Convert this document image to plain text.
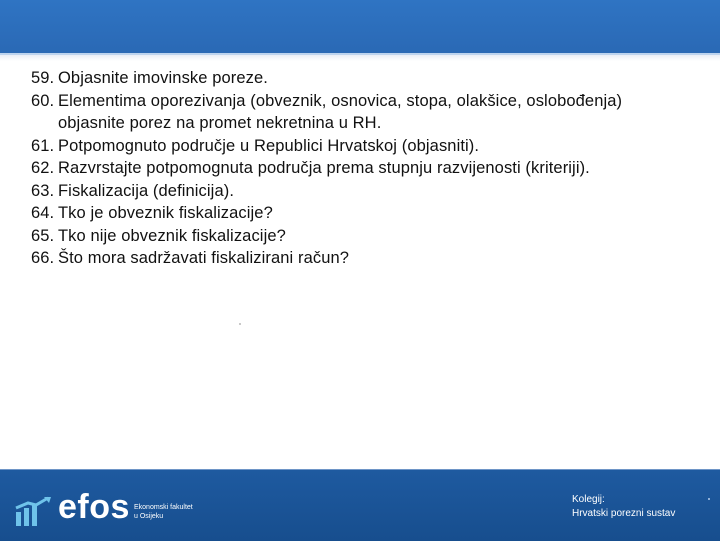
59. Objasnite imovinske poreze.
60. Elementima oporezivanja (obveznik, osnovica, stopa, olakšice, oslobođenja) objasnite porez na promet nekretnina u RH.
61. Potpomognuto područje u Republici Hrvatskoj (objasniti).
62. Razvrstajte potpomognuta područja prema stupnju razvijenosti (kriteriji).
63. Fiskalizacija (definicija).
64. Tko je obveznik fiskalizacije?
65. Tko nije obveznik fiskalizacije?
66. Što mora sadržavati fiskalizirani račun?
efos Ekonomski fakultet
u Osijeku
Kolegij:
Hrvatski porezni sustav
